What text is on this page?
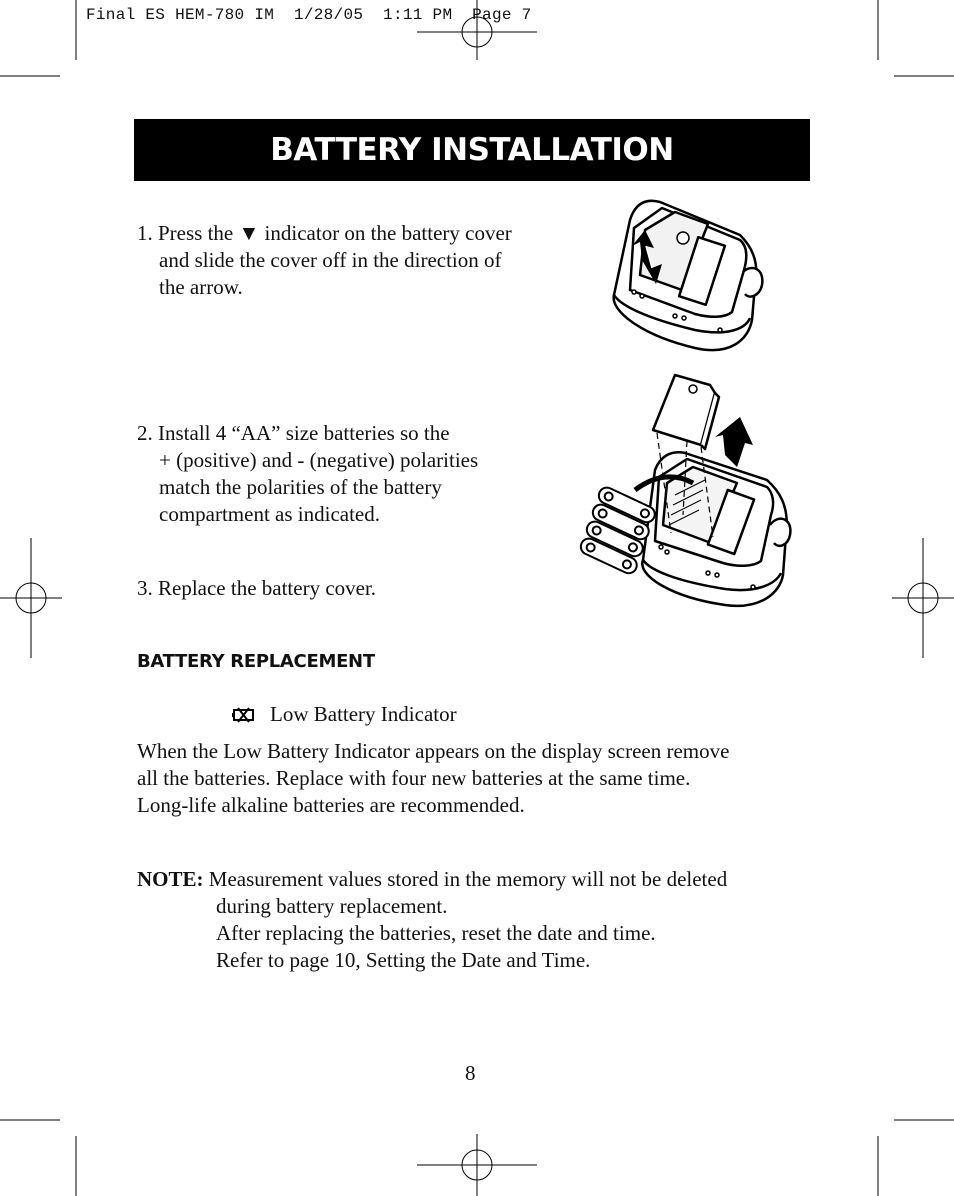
Final ES HEM-780 IM  1/28/05  1:11 PM  Page 7
BATTERY INSTALLATION
1. Press the ▼ indicator on the battery cover
and slide the cover off in the direction of
the arrow.
2. Install 4 “AA” size batteries so the
+ (positive) and - (negative) polarities
match the polarities of the battery
compartment as indicated.
3. Replace the battery cover.
BATTERY REPLACEMENT
Low Battery Indicator
When the Low Battery Indicator appears on the display screen remove
all the batteries. Replace with four new batteries at the same time.
Long-life alkaline batteries are recommended.
NOTE: Measurement values stored in the memory will not be deleted
during battery replacement.
After replacing the batteries, reset the date and time.
Refer to page 10, Setting the Date and Time.
8
